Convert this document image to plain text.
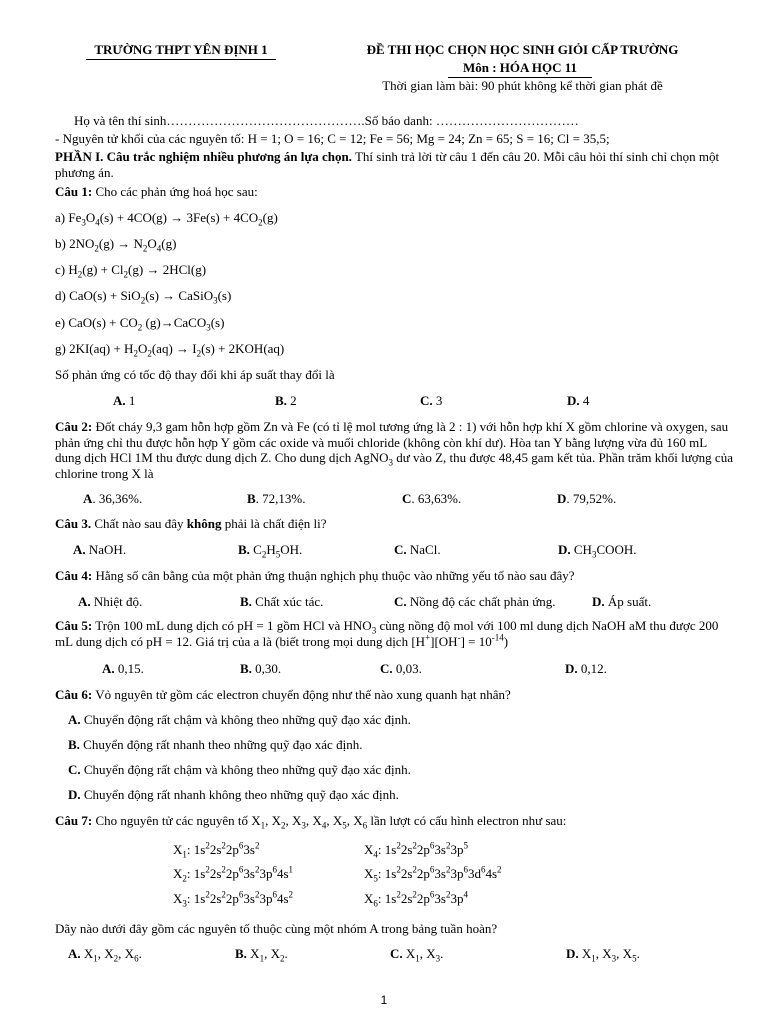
TRƯỜNG THPT YÊN ĐỊNH 1	ĐỀ THI HỌC CHỌN HỌC SINH GIỎI CẤP TRƯỜNG
Môn : HÓA HỌC 11
Thời gian làm bài: 90 phút không kể thời gian phát đề
Họ và tên thí sinh……………………………………….Số báo danh: ……………………………
- Nguyên tử khối của các nguyên tố: H = 1; O = 16; C = 12; Fe = 56; Mg = 24; Zn = 65; S = 16; Cl = 35,5;
PHẦN I. Câu trắc nghiệm nhiều phương án lựa chọn. Thí sinh trả lời từ câu 1 đến câu 20. Mỗi câu hỏi thí sinh chỉ chọn một phương án.
Câu 1: Cho các phản ứng hoá học sau:
a) $Fe_3O_4(s) + 4CO(g) \to 3Fe(s) + 4CO_2(g)$
b) $2NO_2(g) \to N_2O_4(g)$
c) $H_2(g) + Cl_2(g) \to 2HCl(g)$
d) CaO(s) + SiO$_2$(s) → CaSiO$_3$(s)
e) $CaO(s) + CO_2$ (g)→CaCO$_3$(s)
g) $2KI(aq) + H_2O_2(aq) \to I_2(s) + 2KOH(aq)$
Số phản ứng có tốc độ thay đổi khi áp suất thay đổi là
A. 1	B. 2	C. 3	D. 4
Câu 2: Đốt cháy 9,3 gam hỗn hợp gồm Zn và Fe (có tỉ lệ mol tương ứng là 2 : 1) với hỗn hợp khí X gồm chlorine và oxygen, sau phản ứng chỉ thu được hỗn hợp Y gồm các oxide và muối chloride (không còn khí dư). Hòa tan Y bằng lượng vừa đủ 160 mL dung dịch HCl 1M thu được dung dịch Z. Cho dung dịch AgNO$_3$ dư vào Z, thu được 48,45 gam kết tủa. Phần trăm khối lượng của chlorine trong X là
A. 36,36%.	B. 72,13%.	C. 63,63%.	D. 79,52%.
Câu 3. Chất nào sau đây không phải là chất điện li?
A. NaOH.	B. $C_2H_5OH$.	C. NaCl.	D. $CH_3COOH$.
Câu 4: Hằng số cân bằng của một phản ứng thuận nghịch phụ thuộc vào những yếu tố nào sau đây?
A. Nhiệt độ.	B. Chất xúc tác.	C. Nồng độ các chất phản ứng.	D. Áp suất.
Câu 5: Trộn 100 mL dung dịch có pH = 1 gồm HCl và $HNO_3$ cùng nồng độ mol với 100 ml dung dịch NaOH aM thu được 200 mL dung dịch có pH = 12. Giá trị của a là (biết trong mọi dung dịch $[H^+][OH^-] = 10^{-14}$)
A. 0,15.	B. 0,30.	C. 0,03.	D. 0,12.
Câu 6: Vỏ nguyên tử gồm các electron chuyển động như thế nào xung quanh hạt nhân?
A. Chuyển động rất chậm và không theo những quỹ đạo xác định.
B. Chuyển động rất nhanh theo những quỹ đạo xác định.
C. Chuyển động rất chậm và không theo những quỹ đạo xác định.
D. Chuyển động rất nhanh không theo những quỹ đạo xác định.
Câu 7: Cho nguyên tử các nguyên tố $X_1$, $X_2$, $X_3$, $X_4$, $X_5$, $X_6$ lần lượt có cấu hình electron như sau:
$X_1$: $1s^22s^22p^63s^2$	$X_4$: $1s^22s^22p^63s^23p^5$
$X_2$: $1s^22s^22p^63s^23p^64s^1$	$X_5$: $1s^22s^22p^63s^23p^63d^64s^2$
$X_3$: $1s^22s^22p^63s^23p^64s^2$	$X_6$: $1s^22s^22p^63s^23p^4$
Dãy nào dưới đây gồm các nguyên tố thuộc cùng một nhóm A trong bảng tuần hoàn?
A. $X_1$, $X_2$, $X_6$.	B. $X_1$, $X_2$.	C. $X_1$, $X_3$.	D. $X_1$, $X_3$, $X_5$.
1
